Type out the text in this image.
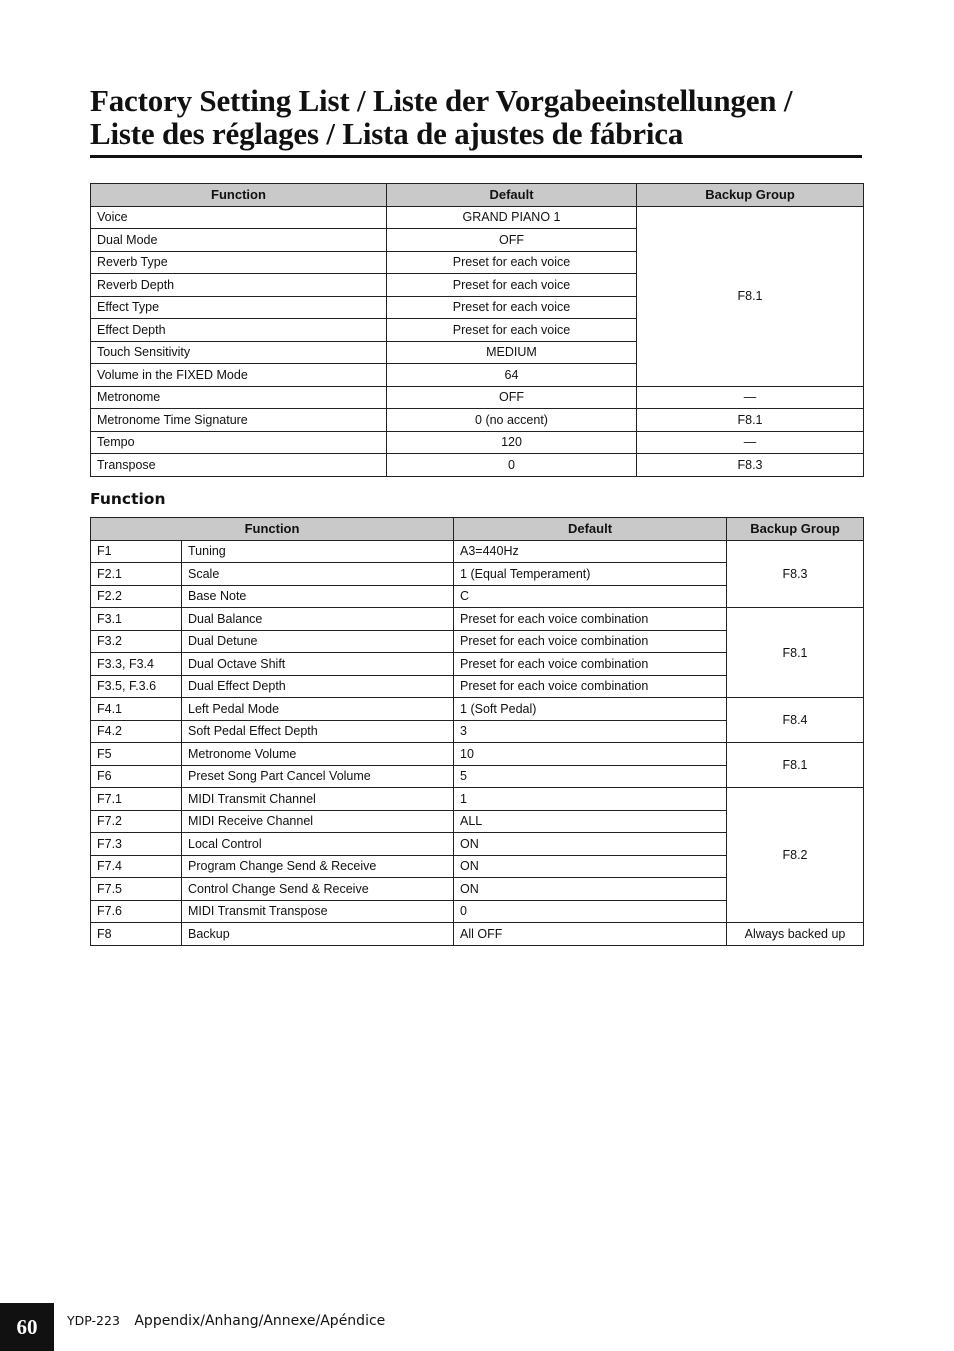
Factory Setting List / Liste der Vorgabeeinstellungen /
Liste des réglages / Lista de ajustes de fábrica
Function	Default	Backup Group
Voice	GRAND PIANO 1	F8.1
Dual Mode	OFF	
Reverb Type	Preset for each voice	
Reverb Depth	Preset for each voice	
Effect Type	Preset for each voice	
Effect Depth	Preset for each voice	
Touch Sensitivity	MEDIUM	
Volume in the FIXED Mode	64	
Metronome	OFF	—
Metronome Time Signature	0 (no accent)	F8.1
Tempo	120	—
Transpose	0	F8.3
Function
Function		Default	Backup Group
F1	Tuning	A3=440Hz	F8.3
F2.1	Scale	1 (Equal Temperament)	
F2.2	Base Note	C	
F3.1	Dual Balance	Preset for each voice combination	F8.1
F3.2	Dual Detune	Preset for each voice combination	
F3.3, F3.4	Dual Octave Shift	Preset for each voice combination	
F3.5, F.3.6	Dual Effect Depth	Preset for each voice combination	
F4.1	Left Pedal Mode	1 (Soft Pedal)	F8.4
F4.2	Soft Pedal Effect Depth	3	
F5	Metronome Volume	10	F8.1
F6	Preset Song Part Cancel Volume	5	
F7.1	MIDI Transmit Channel	1	F8.2
F7.2	MIDI Receive Channel	ALL	
F7.3	Local Control	ON	
F7.4	Program Change Send & Receive	ON	
F7.5	Control Change Send & Receive	ON	
F7.6	MIDI Transmit Transpose	0	
F8	Backup	All OFF	Always backed up
60	YDP-223 Appendix/Anhang/Annexe/Apéndice
